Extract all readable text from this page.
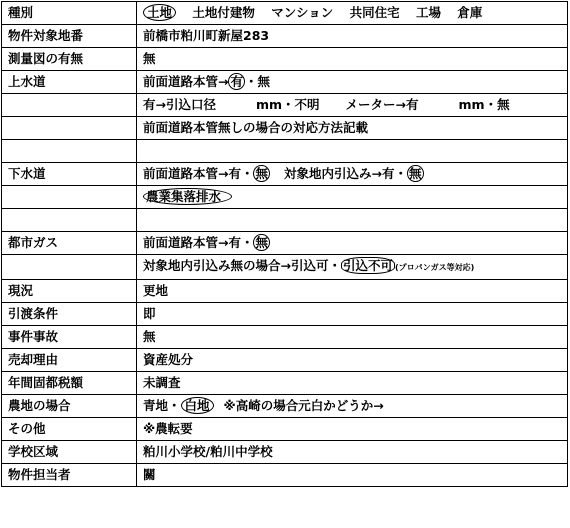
種別	土地 土地付建物 マンション 共同住宅 工場 倉庫
物件対象地番	前橋市粕川町新屋283
測量図の有無	無
上水道	前面道路本管→ 有 ・無
	有→引込口径 mm・不明 メーター→有 mm・無
	前面道路本管無しの場合の対応方法記載

下水道	前面道路本管→有・ 無 対象地内引込み→有・ 無
	農業集落排水

都市ガス	前面道路本管→有・ 無
	対象地内引込み無の場合→引込可・ 引込不可 (プロパンガス等対応)
現況	更地
引渡条件	即
事件事故	無
売却理由	資産処分
年間固都税額	未調査
農地の場合	青地・ 白地 ※高崎の場合元白かどうか→
その他	※農転要
学校区域	粕川小学校/粕川中学校
物件担当者	關
